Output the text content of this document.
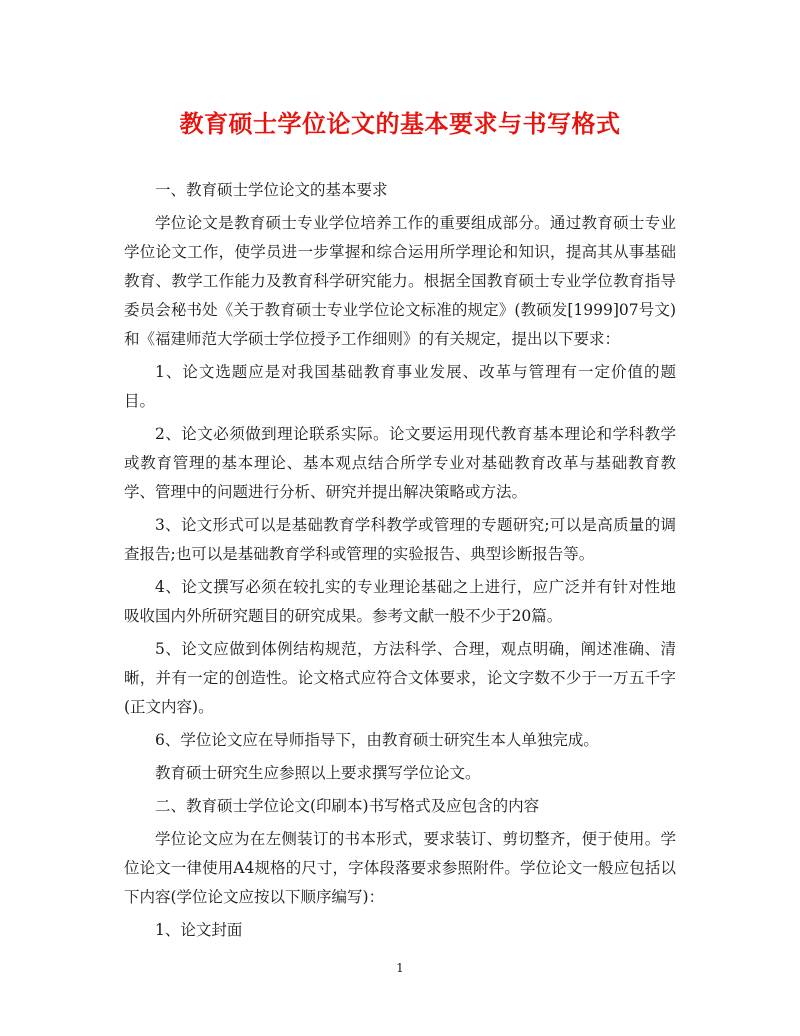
教育硕士学位论文的基本要求与书写格式

一、教育硕士学位论文的基本要求

学位论文是教育硕士专业学位培养工作的重要组成部分。通过教育硕士专业学位论文工作，使学员进一步掌握和综合运用所学理论和知识，提高其从事基础教育、教学工作能力及教育科学研究能力。根据全国教育硕士专业学位教育指导委员会秘书处《关于教育硕士专业学位论文标准的规定》(教硕发[1999]07号文)和《福建师范大学硕士学位授予工作细则》的有关规定，提出以下要求：

1、论文选题应是对我国基础教育事业发展、改革与管理有一定价值的题目。

2、论文必须做到理论联系实际。论文要运用现代教育基本理论和学科教学或教育管理的基本理论、基本观点结合所学专业对基础教育改革与基础教育教学、管理中的问题进行分析、研究并提出解决策略或方法。

3、论文形式可以是基础教育学科教学或管理的专题研究;可以是高质量的调查报告;也可以是基础教育学科或管理的实验报告、典型诊断报告等。

4、论文撰写必须在较扎实的专业理论基础之上进行，应广泛并有针对性地吸收国内外所研究题目的研究成果。参考文献一般不少于20篇。

5、论文应做到体例结构规范，方法科学、合理，观点明确，阐述准确、清晰，并有一定的创造性。论文格式应符合文体要求，论文字数不少于一万五千字(正文内容)。

6、学位论文应在导师指导下，由教育硕士研究生本人单独完成。

教育硕士研究生应参照以上要求撰写学位论文。

二、教育硕士学位论文(印刷本)书写格式及应包含的内容

学位论文应为在左侧装订的书本形式，要求装订、剪切整齐，便于使用。学位论文一律使用A4规格的尺寸，字体段落要求参照附件。学位论文一般应包括以下内容(学位论文应按以下顺序编写)：

1、论文封面

1
